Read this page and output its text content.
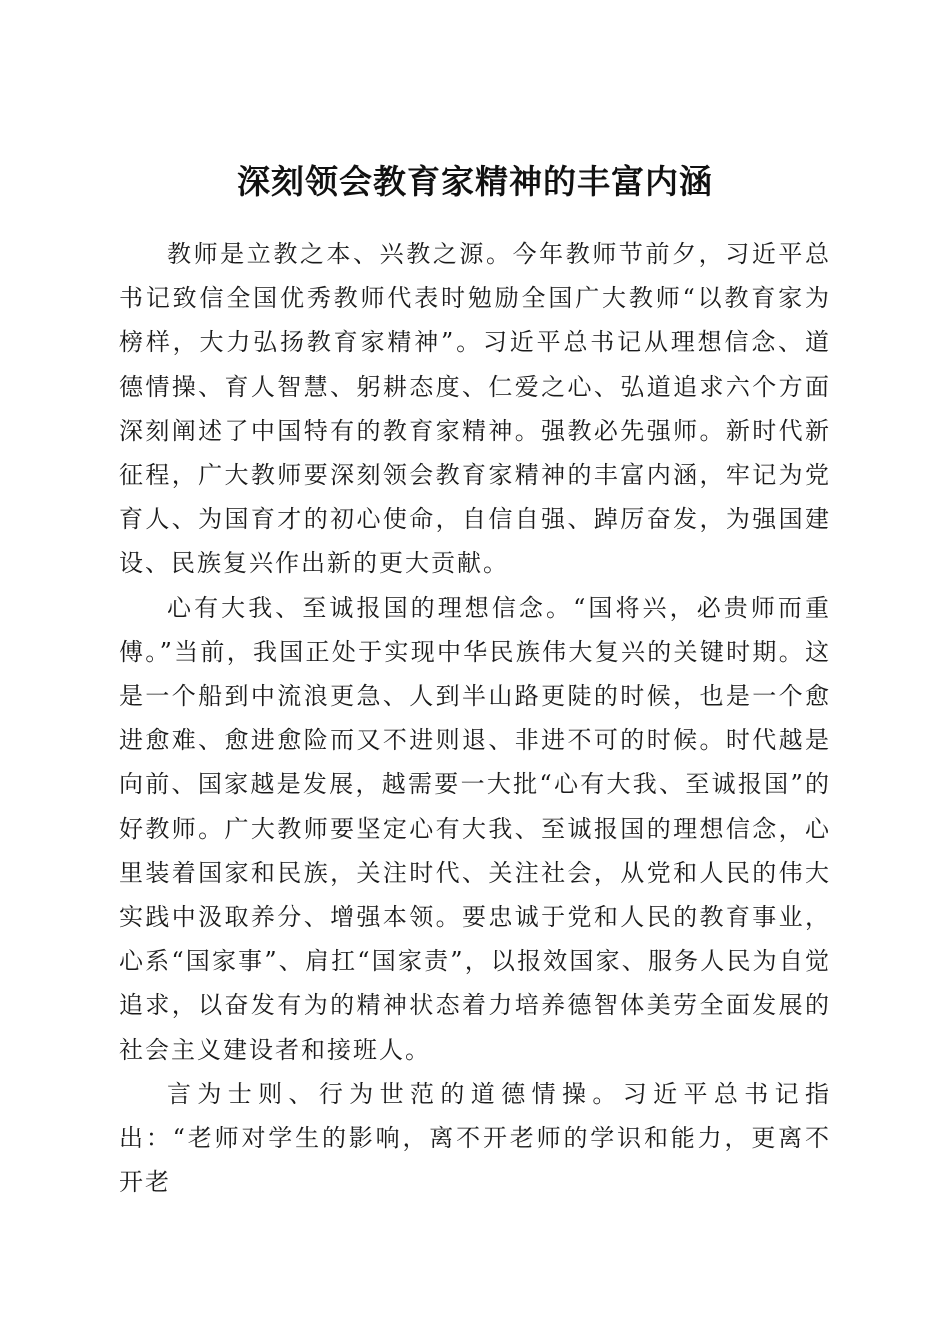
深刻领会教育家精神的丰富内涵

教师是立教之本、兴教之源。今年教师节前夕，习近平总书记致信全国优秀教师代表时勉励全国广大教师“以教育家为榜样，大力弘扬教育家精神”。习近平总书记从理想信念、道德情操、育人智慧、躬耕态度、仁爱之心、弘道追求六个方面深刻阐述了中国特有的教育家精神。强教必先强师。新时代新征程，广大教师要深刻领会教育家精神的丰富内涵，牢记为党育人、为国育才的初心使命，自信自强、踔厉奋发，为强国建设、民族复兴作出新的更大贡献。

心有大我、至诚报国的理想信念。“国将兴，必贵师而重傅。”当前，我国正处于实现中华民族伟大复兴的关键时期。这是一个船到中流浪更急、人到半山路更陡的时候，也是一个愈进愈难、愈进愈险而又不进则退、非进不可的时候。时代越是向前、国家越是发展，越需要一大批“心有大我、至诚报国”的好教师。广大教师要坚定心有大我、至诚报国的理想信念，心里装着国家和民族，关注时代、关注社会，从党和人民的伟大实践中汲取养分、增强本领。要忠诚于党和人民的教育事业，心系“国家事”、肩扛“国家责”，以报效国家、服务人民为自觉追求，以奋发有为的精神状态着力培养德智体美劳全面发展的社会主义建设者和接班人。

言为士则、行为世范的道德情操。习近平总书记指出：“老师对学生的影响，离不开老师的学识和能力，更离不开老
